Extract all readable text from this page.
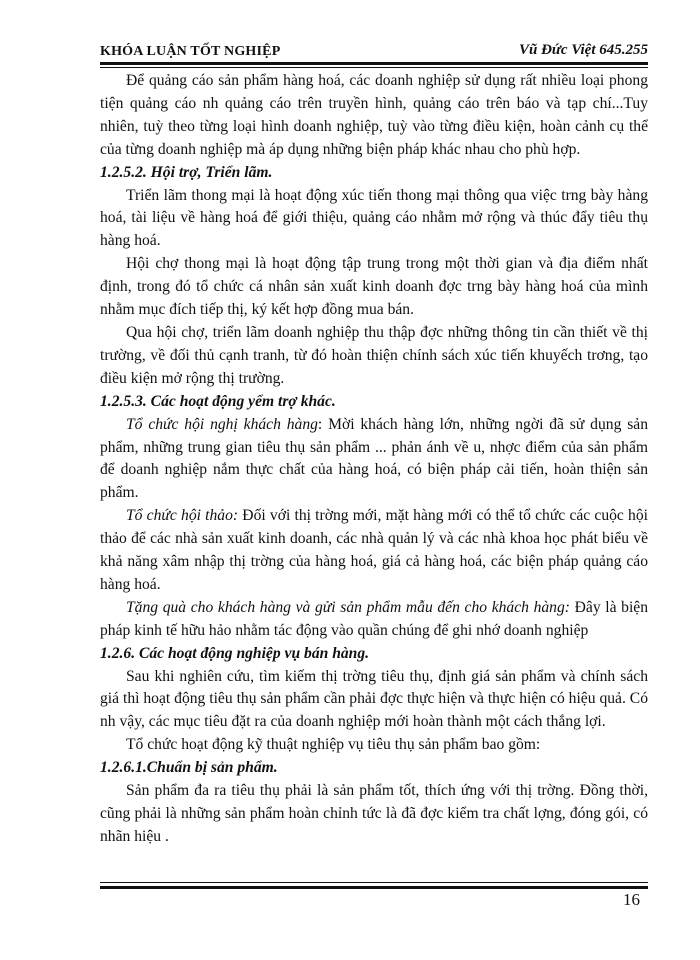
KHÓA LUẬN TỐT NGHIỆP	Vũ Đức Việt 645.255

Để quảng cáo sản phẩm hàng hoá, các doanh nghiệp sử dụng rất nhiều loại phong tiện quảng cáo nh quảng cáo trên truyền hình, quảng cáo trên báo và tạp chí...Tuy nhiên, tuỳ theo từng loại hình doanh nghiệp, tuỳ vào từng điều kiện, hoàn cảnh cụ thể của từng doanh nghiệp mà áp dụng những biện pháp khác nhau cho phù hợp.

1.2.5.2. Hội trợ, Triển lãm.

Triển lãm thong mại là hoạt động xúc tiến thong mại thông qua việc trng bày hàng hoá, tài liệu về hàng hoá để giới thiệu, quảng cáo nhằm mở rộng và thúc đẩy tiêu thụ hàng hoá.

Hội chợ thong mại là hoạt động tập trung trong một thời gian và địa điểm nhất định, trong đó tổ chức cá nhân sản xuất kinh doanh đợc trng bày hàng hoá của mình nhằm mục đích tiếp thị, ký kết hợp đồng mua bán.

Qua hội chợ, triển lãm doanh nghiệp thu thập đợc những thông tin cần thiết về thị trường, về đối thủ cạnh tranh, từ đó hoàn thiện chính sách xúc tiến khuyếch trơng, tạo điều kiện mở rộng thị trường.

1.2.5.3. Các hoạt động yểm trợ khác.

Tổ chức hội nghị khách hàng: Mời khách hàng lớn, những ngời đã sử dụng sản phẩm, những trung gian tiêu thụ sản phẩm ... phản ánh về u, nhợc điểm của sản phẩm để doanh nghiệp nắm thực chất của hàng hoá, có biện pháp cải tiến, hoàn thiện sản phẩm.

Tổ chức hội thảo: Đối với thị trờng mới, mặt hàng mới có thể tổ chức các cuộc hội thảo để các nhà sản xuất kinh doanh, các nhà quản lý và các nhà khoa học phát biểu về khả năng xâm nhập thị trờng của hàng hoá, giá cả hàng hoá, các biện pháp quảng cáo hàng hoá.

Tặng quà cho khách hàng và gửi sản phẩm mẫu đến cho khách hàng: Đây là biện pháp kinh tế hữu hảo nhằm tác động vào quần chúng để ghi nhớ doanh nghiệp

1.2.6. Các hoạt động nghiệp vụ bán hàng.

Sau khi nghiên cứu, tìm kiếm thị trờng tiêu thụ, định giá sản phẩm và chính sách giá thì hoạt động tiêu thụ sản phẩm cần phải đợc thực hiện và thực hiện có hiệu quả. Có nh vậy, các mục tiêu đặt ra của doanh nghiệp mới hoàn thành một cách thắng lợi.

Tổ chức hoạt động kỹ thuật nghiệp vụ tiêu thụ sản phẩm bao gồm:

1.2.6.1.Chuẩn bị sản phẩm.

Sản phẩm đa ra tiêu thụ phải là sản phẩm tốt, thích ứng với thị trờng. Đồng thời, cũng phải là những sản phẩm hoàn chỉnh tức là đã đợc kiểm tra chất lợng, đóng gói, có nhãn hiệu .

16
